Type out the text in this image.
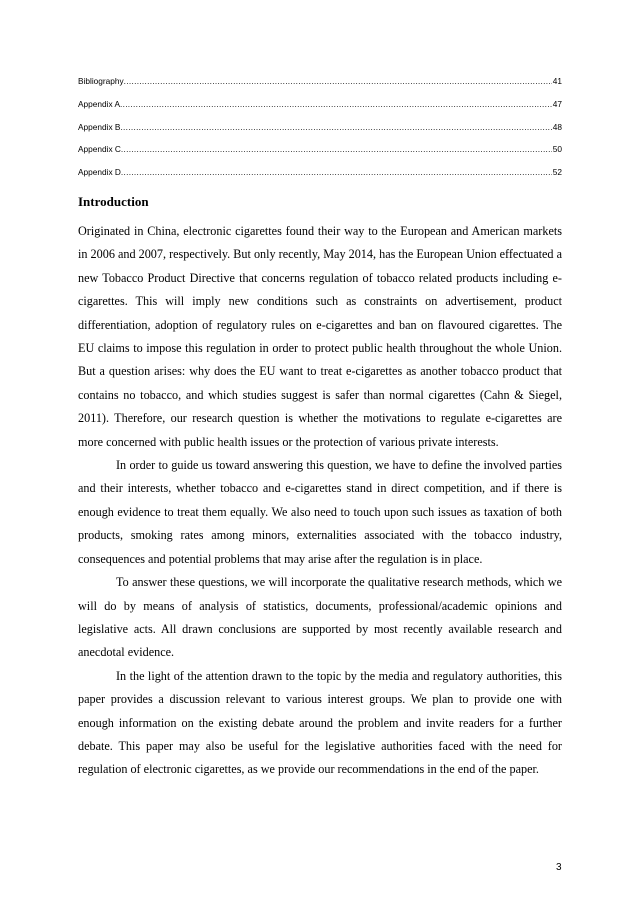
Bibliography .....	41
Appendix A .....	47
Appendix B .....	48
Appendix C .....	50
Appendix D .....	52
Introduction

Originated in China, electronic cigarettes found their way to the European and American markets in 2006 and 2007, respectively. But only recently, May 2014, has the European Union effectuated a new Tobacco Product Directive that concerns regulation of tobacco related products including e-cigarettes. This will imply new conditions such as constraints on advertisement, product differentiation, adoption of regulatory rules on e-cigarettes and ban on flavoured cigarettes. The EU claims to impose this regulation in order to protect public health throughout the whole Union. But a question arises: why does the EU want to treat e-cigarettes as another tobacco product that contains no tobacco, and which studies suggest is safer than normal cigarettes (Cahn & Siegel, 2011). Therefore, our research question is whether the motivations to regulate e-cigarettes are more concerned with public health issues or the protection of various private interests.

In order to guide us toward answering this question, we have to define the involved parties and their interests, whether tobacco and e-cigarettes stand in direct competition, and if there is enough evidence to treat them equally. We also need to touch upon such issues as taxation of both products, smoking rates among minors, externalities associated with the tobacco industry, consequences and potential problems that may arise after the regulation is in place.

To answer these questions, we will incorporate the qualitative research methods, which we will do by means of analysis of statistics, documents, professional/academic opinions and legislative acts. All drawn conclusions are supported by most recently available research and anecdotal evidence.

In the light of the attention drawn to the topic by the media and regulatory authorities, this paper provides a discussion relevant to various interest groups. We plan to provide one with enough information on the existing debate around the problem and invite readers for a further debate. This paper may also be useful for the legislative authorities faced with the need for regulation of electronic cigarettes, as we provide our recommendations in the end of the paper.

3
